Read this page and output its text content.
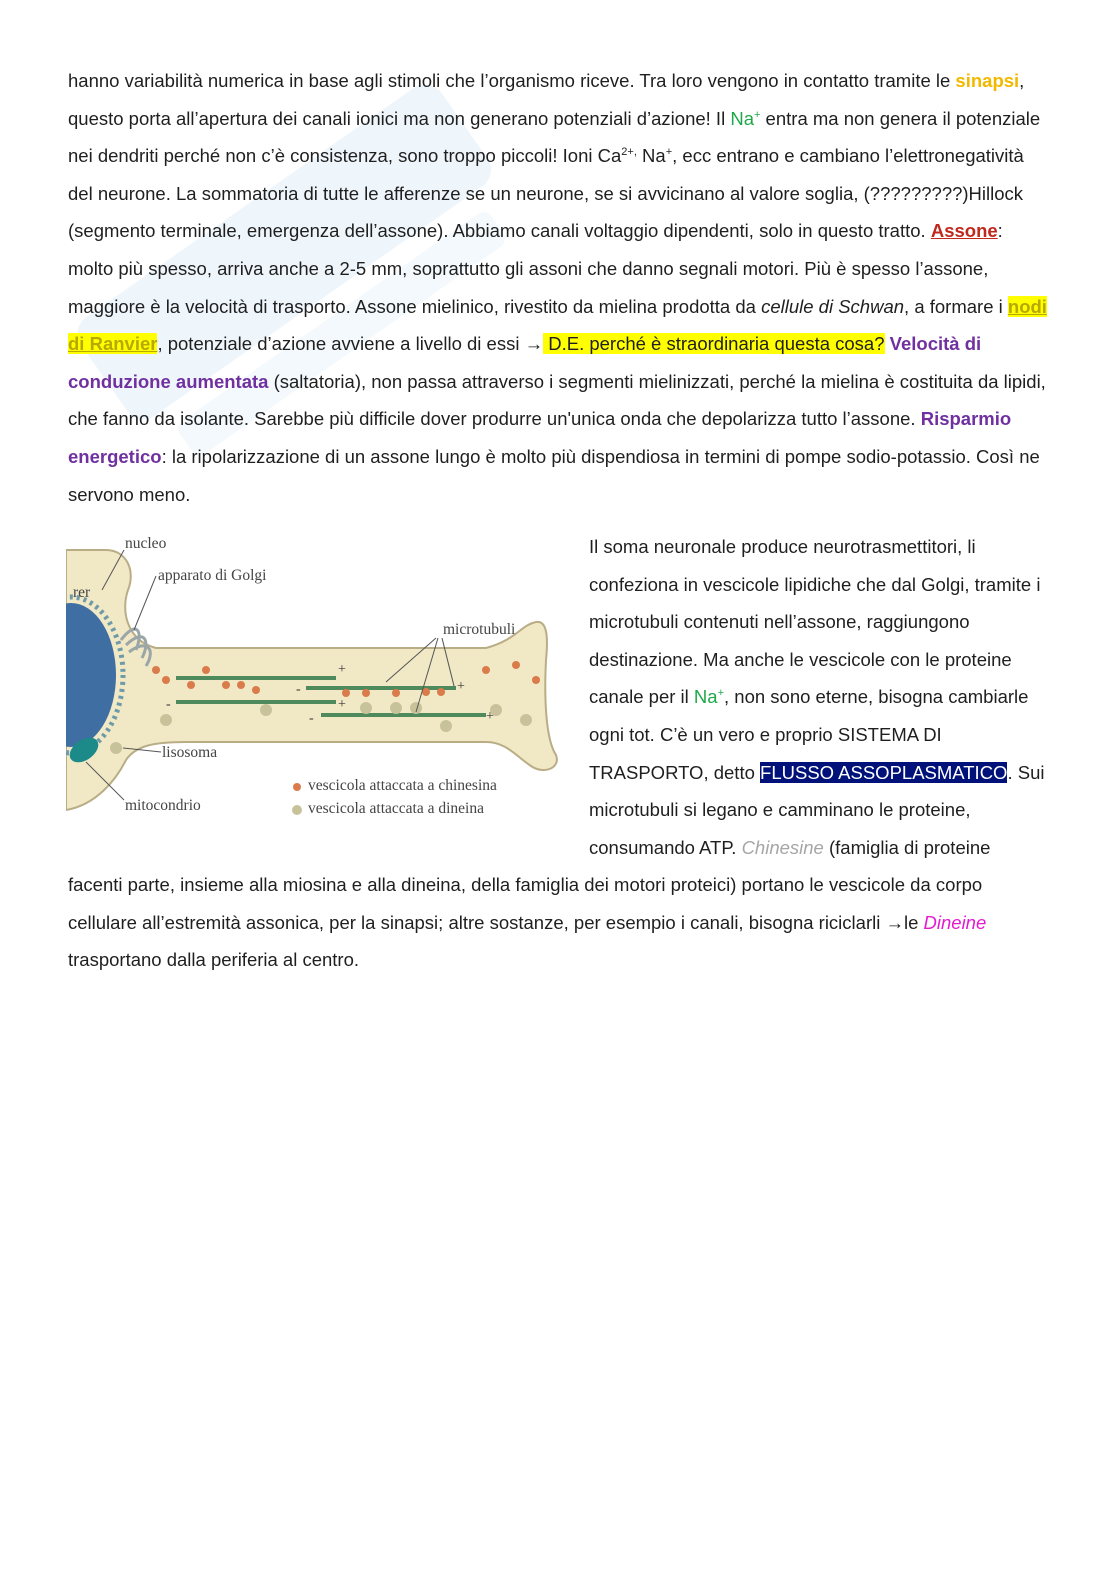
hanno variabilità numerica in base agli stimoli che l’organismo riceve. Tra loro vengono in contatto tramite le sinapsi, questo porta all’apertura dei canali ionici ma non generano potenziali d’azione! Il Na+ entra ma non genera il potenziale nei dendriti perché non c’è consistenza, sono troppo piccoli! Ioni $Ca^{2+,}$ Na+, ecc entrano e cambiano l’elettronegatività del neurone. La sommatoria di tutte le afferenze se un neurone, se si avvicinano al valore soglia, (?????????)Hillock (segmento terminale, emergenza dell’assone). Abbiamo canali voltaggio dipendenti, solo in questo tratto. Assone: molto più spesso, arriva anche a 2-5 mm, soprattutto gli assoni che danno segnali motori. Più è spesso l’assone, maggiore è la velocità di trasporto. Assone mielinico, rivestito da mielina prodotta da cellule di Schwan, a formare i nodi di Ranvier, potenziale d’azione avviene a livello di essi → D.E. perché è straordinaria questa cosa? Velocità di conduzione aumentata (saltatoria), non passa attraverso i segmenti mielinizzati, perché la mielina è costituita da lipidi, che fanno da isolante. Sarebbe più difficile dover produrre un'unica onda che depolarizza tutto l’assone. Risparmio energetico: la ripolarizzazione di un assone lungo è molto più dispendiosa in termini di pompe sodio-potassio. Così ne servono meno.
+
+
+
+
-
-
-
nucleo
apparato di Golgi
rer
microtubuli
lisosoma
mitocondrio
vescicola attaccata a chinesina
vescicola attaccata a dineina
Il soma neuronale produce neurotrasmettitori, li confeziona in vescicole lipidiche che dal Golgi, tramite i microtubuli contenuti nell’assone, raggiungono destinazione. Ma anche le vescicole con le proteine canale per il Na+, non sono eterne, bisogna cambiarle ogni tot. C’è un vero e proprio SISTEMA DI TRASPORTO, detto FLUSSO ASSOPLASMATICO. Sui microtubuli si legano e camminano le proteine, consumando ATP. Chinesine (famiglia di proteine
facenti parte, insieme alla miosina e alla dineina, della famiglia dei motori proteici) portano le vescicole da corpo cellulare all’estremità assonica, per la sinapsi; altre sostanze, per esempio i canali, bisogna riciclarli →le Dineine trasportano dalla periferia al centro.
